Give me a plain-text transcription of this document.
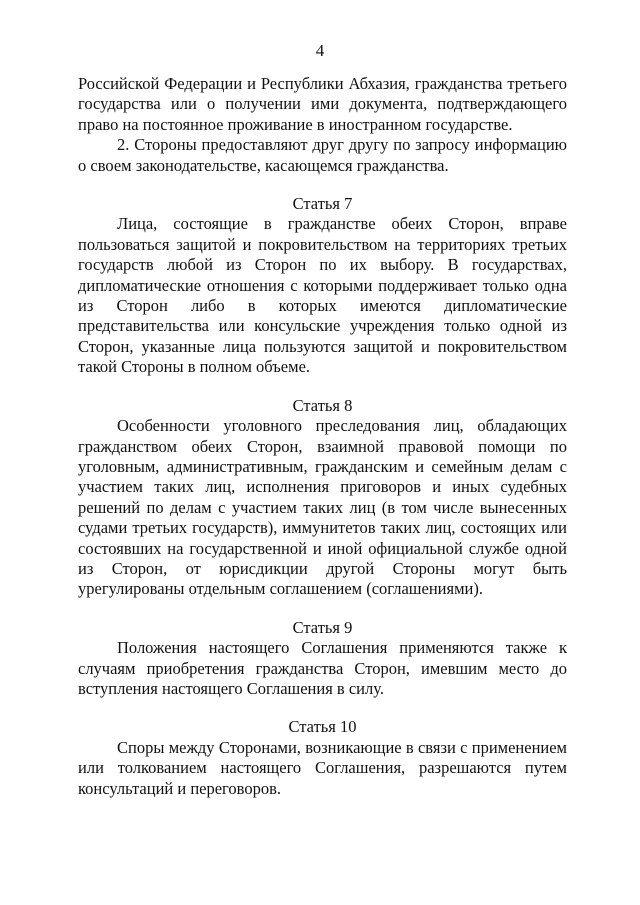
4

Российской Федерации и Республики Абхазия, гражданства третьего государства или о получении ими документа, подтверждающего право на постоянное проживание в иностранном государстве.

2. Стороны предоставляют друг другу по запросу информацию о своем законодательстве, касающемся гражданства.

Статья 7

Лица, состоящие в гражданстве обеих Сторон, вправе пользоваться защитой и покровительством на территориях третьих государств любой из Сторон по их выбору. В государствах, дипломатические отношения с которыми поддерживает только одна из Сторон либо в которых имеются дипломатические представительства или консульские учреждения только одной из Сторон, указанные лица пользуются защитой и покровительством такой Стороны в полном объеме.

Статья 8

Особенности уголовного преследования лиц, обладающих гражданством обеих Сторон, взаимной правовой помощи по уголовным, административным, гражданским и семейным делам с участием таких лиц, исполнения приговоров и иных судебных решений по делам с участием таких лиц (в том числе вынесенных судами третьих государств), иммунитетов таких лиц, состоящих или состоявших на государственной и иной официальной службе одной из Сторон, от юрисдикции другой Стороны могут быть урегулированы отдельным соглашением (соглашениями).

Статья 9

Положения настоящего Соглашения применяются также к случаям приобретения гражданства Сторон, имевшим место до вступления настоящего Соглашения в силу.

Статья 10

Споры между Сторонами, возникающие в связи с применением или толкованием настоящего Соглашения, разрешаются путем консультаций и переговоров.
